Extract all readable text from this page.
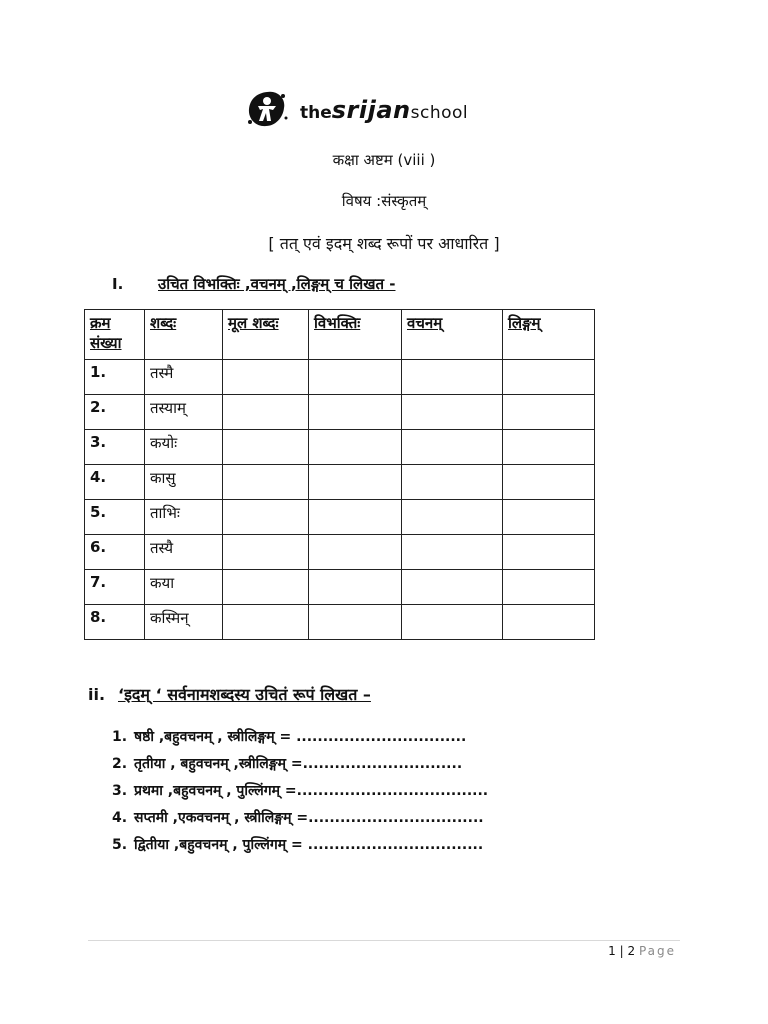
thesrijanschool
कक्षा अष्टम (viii )
विषय :संस्कृतम्
[ तत् एवं इदम् शब्द रूपों पर आधारित ]
I. उचित विभक्तिः ,वचनम् ,लिङ्गम् च लिखत -
क्रम संख्या	शब्दः	मूल शब्दः	विभक्तिः	वचनम्	लिङ्गम्
1.	तस्मै				
2.	तस्याम्				
3.	कयोः				
4.	कासु				
5.	ताभिः				
6.	तस्यै				
7.	कया				
8.	कस्मिन्				
ii. ‘इदम् ‘ सर्वनामशब्दस्य उचितं रूपं लिखत –
1. षष्ठी ,बहुवचनम् , स्त्रीलिङ्गम् = ................................
2. तृतीया , बहुवचनम् ,स्त्रीलिङ्गम् =..............................
3. प्रथमा ,बहुवचनम् , पुल्लिंगम् =....................................
4. सप्तमी ,एकवचनम् , स्त्रीलिङ्गम् =.................................
5. द्वितीया ,बहुवचनम् , पुल्लिंगम् = .................................
1 | 2 Page
